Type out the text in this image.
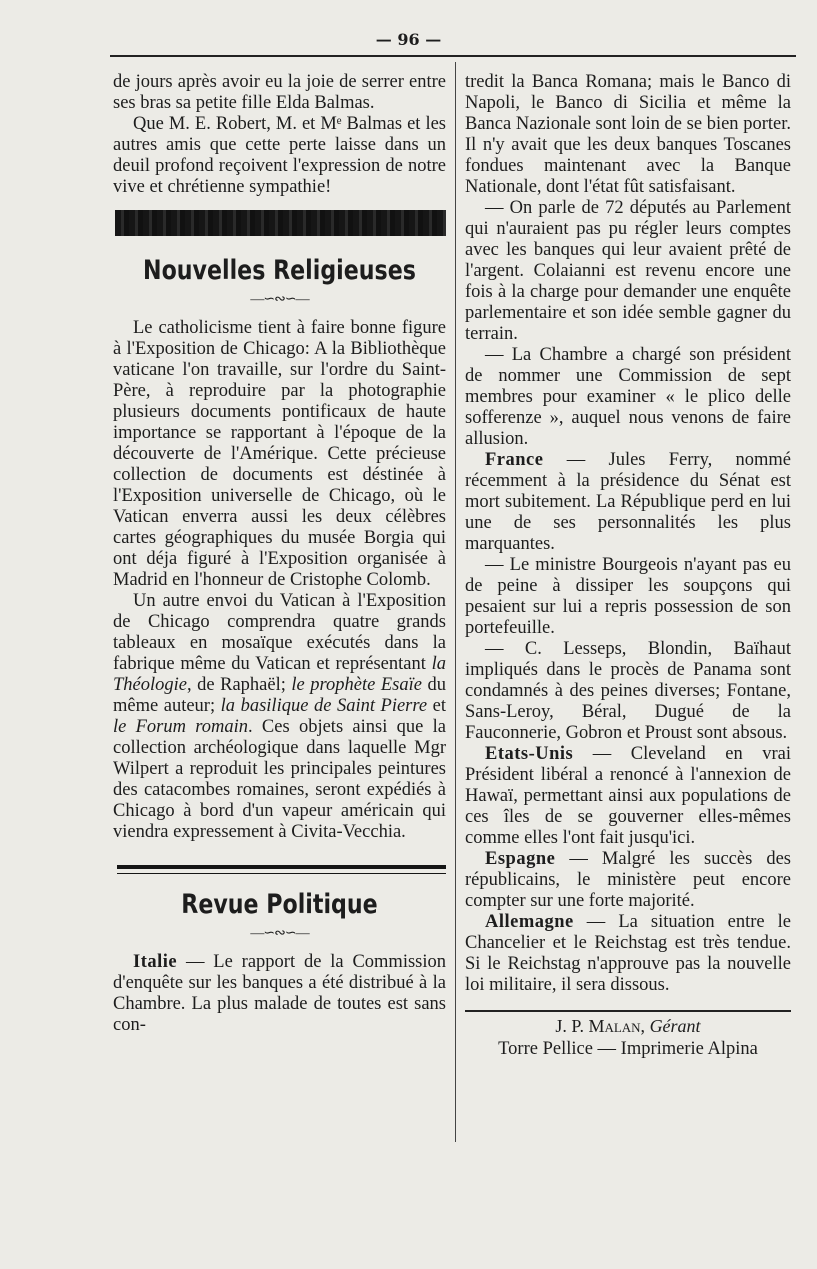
— 96 —

de jours après avoir eu la joie de serrer entre ses bras sa petite fille Elda Balmas.

Que M. E. Robert, M. et Mᵉ Balmas et les autres amis que cette perte laisse dans un deuil profond reçoivent l'expression de notre vive et chrétienne sympathie!

Nouvelles Religieuses
—∽∾∽—

Le catholicisme tient à faire bonne figure à l'Exposition de Chicago: A la Bibliothèque vaticane l'on travaille, sur l'ordre du Saint-Père, à reproduire par la photographie plusieurs documents pontificaux de haute importance se rapportant à l'époque de la découverte de l'Amérique. Cette précieuse collection de documents est déstinée à l'Exposition universelle de Chicago, où le Vatican enverra aussi les deux célèbres cartes géographiques du musée Borgia qui ont déja figuré à l'Exposition organisée à Madrid en l'honneur de Cristophe Colomb.

Un autre envoi du Vatican à l'Exposition de Chicago comprendra quatre grands tableaux en mosaïque exécutés dans la fabrique même du Vatican et représentant la Théologie, de Raphaël; le prophète Esaïe du même auteur; la basilique de Saint Pierre et le Forum romain. Ces objets ainsi que la collection archéologique dans laquelle Mgr Wilpert a reproduit les principales peintures des catacombes romaines, seront expédiés à Chicago à bord d'un vapeur américain qui viendra expressement à Civita-Vecchia.

Revue Politique
—∽∾∽—

Italie — Le rapport de la Commission d'enquête sur les banques a été distribué à la Chambre. La plus malade de toutes est sans con-

tredit la Banca Romana; mais le Banco di Napoli, le Banco di Sicilia et même la Banca Nazionale sont loin de se bien porter. Il n'y avait que les deux banques Toscanes fondues maintenant avec la Banque Nationale, dont l'état fût satisfaisant.

— On parle de 72 députés au Parlement qui n'auraient pas pu régler leurs comptes avec les banques qui leur avaient prêté de l'argent. Colaianni est revenu encore une fois à la charge pour demander une enquête parlementaire et son idée semble gagner du terrain.

— La Chambre a chargé son président de nommer une Commission de sept membres pour examiner « le plico delle sofferenze », auquel nous venons de faire allusion.

France — Jules Ferry, nommé récemment à la présidence du Sénat est mort subitement. La République perd en lui une de ses personnalités les plus marquantes.

— Le ministre Bourgeois n'ayant pas eu de peine à dissiper les soupçons qui pesaient sur lui a repris possession de son portefeuille.

— C. Lesseps, Blondin, Baïhaut impliqués dans le procès de Panama sont condamnés à des peines diverses; Fontane, Sans-Leroy, Béral, Dugué de la Fauconnerie, Gobron et Proust sont absous.

Etats-Unis — Cleveland en vrai Président libéral a renoncé à l'annexion de Hawaï, permettant ainsi aux populations de ces îles de se gouverner elles-mêmes comme elles l'ont fait jusqu'ici.

Espagne — Malgré les succès des républicains, le ministère peut encore compter sur une forte majorité.

Allemagne — La situation entre le Chancelier et le Reichstag est très tendue. Si le Reichstag n'approuve pas la nouvelle loi militaire, il sera dissous.

J. P. Malan, Gérant
Torre Pellice — Imprimerie Alpina
